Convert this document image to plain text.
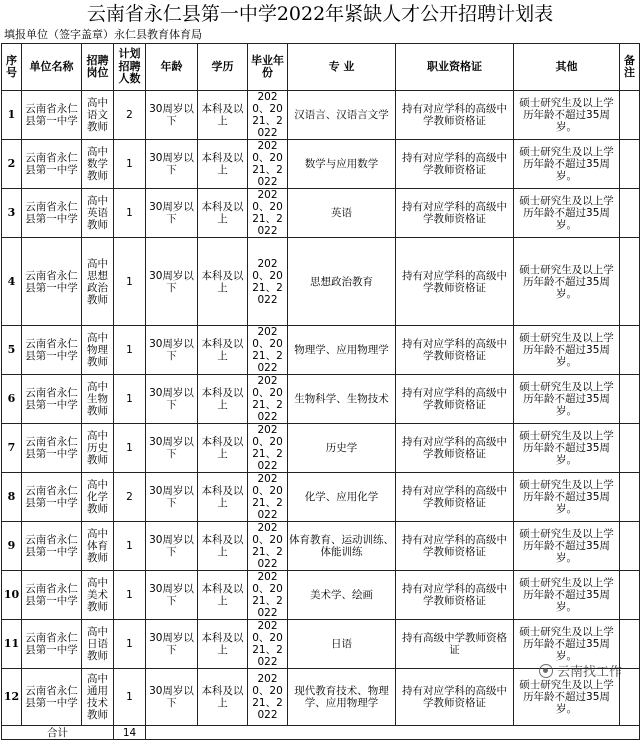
云南省永仁县第一中学2022年紧缺人才公开招聘计划表
填报单位（签字盖章）永仁县教育体育局
序号	单位名称	招聘岗位	计划招聘人数	年龄	学历	毕业年份	专 业	职业资格证	其他	备注
1	云南省永仁县第一中学	高中语文教师	2	30周岁以下	本科及以上	2020、2021、2022	汉语言、汉语言文学	持有对应学科的高级中学教师资格证	硕士研究生及以上学历年龄不超过35周岁。	
2	云南省永仁县第一中学	高中数学教师	1	30周岁以下	本科及以上	2020、2021、2022	数学与应用数学	持有对应学科的高级中学教师资格证	硕士研究生及以上学历年龄不超过35周岁。	
3	云南省永仁县第一中学	高中英语教师	1	30周岁以下	本科及以上	2020、2021、2022	英语	持有对应学科的高级中学教师资格证	硕士研究生及以上学历年龄不超过35周岁。	
4	云南省永仁县第一中学	高中思想政治教师	1	30周岁以下	本科及以上	2020、2021、2022	思想政治教育	持有对应学科的高级中学教师资格证	硕士研究生及以上学历年龄不超过35周岁。	
5	云南省永仁县第一中学	高中物理教师	1	30周岁以下	本科及以上	2020、2021、2022	物理学、应用物理学	持有对应学科的高级中学教师资格证	硕士研究生及以上学历年龄不超过35周岁。	
6	云南省永仁县第一中学	高中生物教师	1	30周岁以下	本科及以上	2020、2021、2022	生物科学、生物技术	持有对应学科的高级中学教师资格证	硕士研究生及以上学历年龄不超过35周岁。	
7	云南省永仁县第一中学	高中历史教师	1	30周岁以下	本科及以上	2020、2021、2022	历史学	持有对应学科的高级中学教师资格证	硕士研究生及以上学历年龄不超过35周岁。	
8	云南省永仁县第一中学	高中化学教师	2	30周岁以下	本科及以上	2020、2021、2022	化学、应用化学	持有对应学科的高级中学教师资格证	硕士研究生及以上学历年龄不超过35周岁。	
9	云南省永仁县第一中学	高中体育教师	1	30周岁以下	本科及以上	2020、2021、2022	体育教育、运动训练、体能训练	持有对应学科的高级中学教师资格证	硕士研究生及以上学历年龄不超过35周岁。	
10	云南省永仁县第一中学	高中美术教师	1	30周岁以下	本科及以上	2020、2021、2022	美术学、绘画	持有对应学科的高级中学教师资格证	硕士研究生及以上学历年龄不超过35周岁。	
11	云南省永仁县第一中学	高中日语教师	1	30周岁以下	本科及以上	2020、2021、2022	日语	持有高级中学教师资格证	硕士研究生及以上学历年龄不超过35周岁。	
12	云南省永仁县第一中学	高中通用技术教师	1	30周岁以下	本科及以上	2020、2021、2022	现代教育技术、物理学、应用物理学	持有对应学科的高级中学教师资格证	硕士研究生及以上学历年龄不超过35周岁。	
合计			14							
云南找工作
